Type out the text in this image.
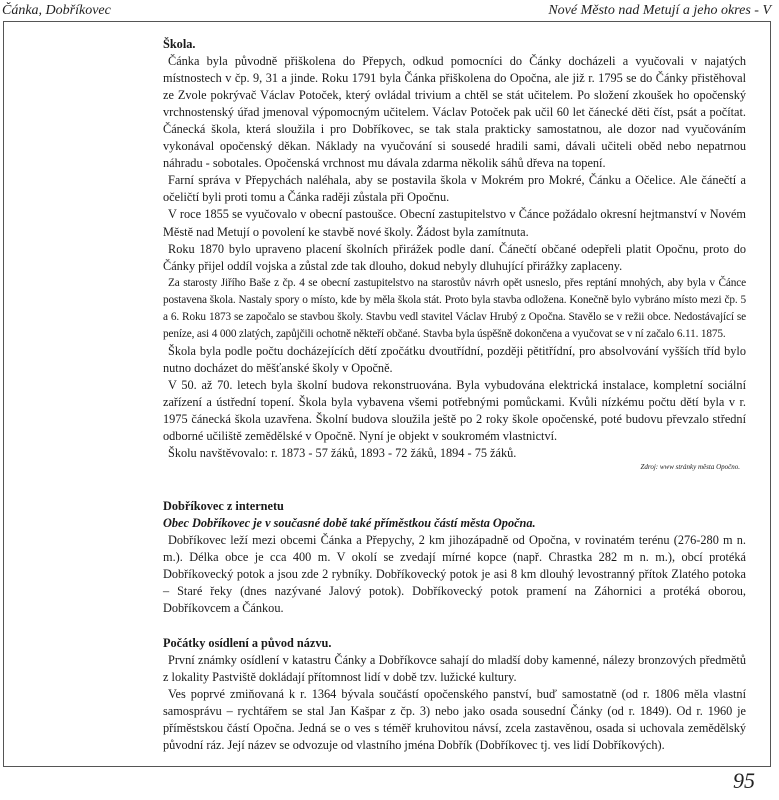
Čánka, Dobříkovec	Nové Město nad Metují a jeho okres - V

Škola.

Čánka byla původně přiškolena do Přepych, odkud pomocníci do Čánky docházeli a vyučovali v najatých místnostech v čp. 9, 31 a jinde. Roku 1791 byla Čánka přiškolena do Opočna, ale již r. 1795 se do Čánky přistěhoval ze Zvole pokrývač Václav Potoček, který ovládal trivium a chtěl se stát učitelem. Po složení zkoušek ho opočenský vrchnostenský úřad jmenoval výpomocným učitelem. Václav Potoček pak učil 60 let čánecké děti číst, psát a počítat. Čánecká škola, která sloužila i pro Dobříkovec, se tak stala prakticky samostatnou, ale dozor nad vyučováním vykonával opočenský děkan. Náklady na vyučování si sousedé hradili sami, dávali učiteli oběd nebo nepatrnou náhradu - sobotales. Opočenská vrchnost mu dávala zdarma několik sáhů dřeva na topení.

Farní správa v Přepychách naléhala, aby se postavila škola v Mokrém pro Mokré, Čánku a Očelice. Ale čánečtí a očeličtí byli proti tomu a Čánka raději zůstala při Opočnu.

V roce 1855 se vyučovalo v obecní pastoušce. Obecní zastupitelstvo v Čánce požádalo okresní hejtmanství v Novém Městě nad Metují o povolení ke stavbě nové školy. Žádost byla zamítnuta.

Roku 1870 bylo upraveno placení školních přirážek podle daní. Čánečtí občané odepřeli platit Opočnu, proto do Čánky přijel oddíl vojska a zůstal zde tak dlouho, dokud nebyly dluhující přirážky zaplaceny.

Za starosty Jiřího Baše z čp. 4 se obecní zastupitelstvo na starostův návrh opět usneslo, přes reptání mnohých, aby byla v Čánce postavena škola. Nastaly spory o místo, kde by měla škola stát. Proto byla stavba odložena. Konečně bylo vybráno místo mezi čp. 5 a 6. Roku 1873 se započalo se stavbou školy. Stavbu vedl stavitel Václav Hrubý z Opočna. Stavělo se v režii obce. Nedostávající se peníze, asi 4 000 zlatých, zapůjčili ochotně někteří občané. Stavba byla úspěšně dokončena a vyučovat se v ní začalo 6.11. 1875.

Škola byla podle počtu docházejících dětí zpočátku dvoutřídní, později pětitřídní, pro absolvování vyšších tříd bylo nutno docházet do měšťanské školy v Opočně.

V 50. až 70. letech byla školní budova rekonstruována. Byla vybudována elektrická instalace, kompletní sociální zařízení a ústřední topení. Škola byla vybavena všemi potřebnými pomůckami. Kvůli nízkému počtu dětí byla v r. 1975 čánecká škola uzavřena. Školní budova sloužila ještě po 2 roky škole opočenské, poté budovu převzalo střední odborné učiliště zemědělské v Opočně. Nyní je objekt v soukromém vlastnictví.

Školu navštěvovalo: r. 1873 - 57 žáků, 1893 - 72 žáků, 1894 - 75 žáků.

Zdroj: www stránky města Opočno.

Dobříkovec z internetu

Obec Dobříkovec je v současné době také příměstkou částí města Opočna.

Dobříkovec leží mezi obcemi Čánka a Přepychy, 2 km jihozápadně od Opočna, v rovinatém terénu (276-280 m n. m.). Délka obce je cca 400 m. V okolí se zvedají mírné kopce (např. Chrastka 282 m n. m.), obcí protéká Dobříkovecký potok a jsou zde 2 rybníky. Dobříkovecký potok je asi 8 km dlouhý levostranný přítok Zlatého potoka – Staré řeky (dnes nazývané Jalový potok). Dobříkovecký potok pramení na Záhornici a protéká oborou, Dobříkovcem a Čánkou.

Počátky osídlení a původ názvu.

První známky osídlení v katastru Čánky a Dobříkovce sahají do mladší doby kamenné, nálezy bronzových předmětů z lokality Pastviště dokládají přítomnost lidí v době tzv. lužické kultury.

Ves poprvé zmiňovaná k r. 1364 bývala součástí opočenského panství, buď samostatně (od r. 1806 měla vlastní samosprávu – rychtářem se stal Jan Kašpar z čp. 3) nebo jako osada sousední Čánky (od r. 1849). Od r. 1960 je příměstskou částí Opočna. Jedná se o ves s téměř kruhovitou návsí, zcela zastavěnou, osada si uchovala zemědělský původní ráz. Její název se odvozuje od vlastního jména Dobřík (Dobříkovec tj. ves lidí Dobříkových).

95
